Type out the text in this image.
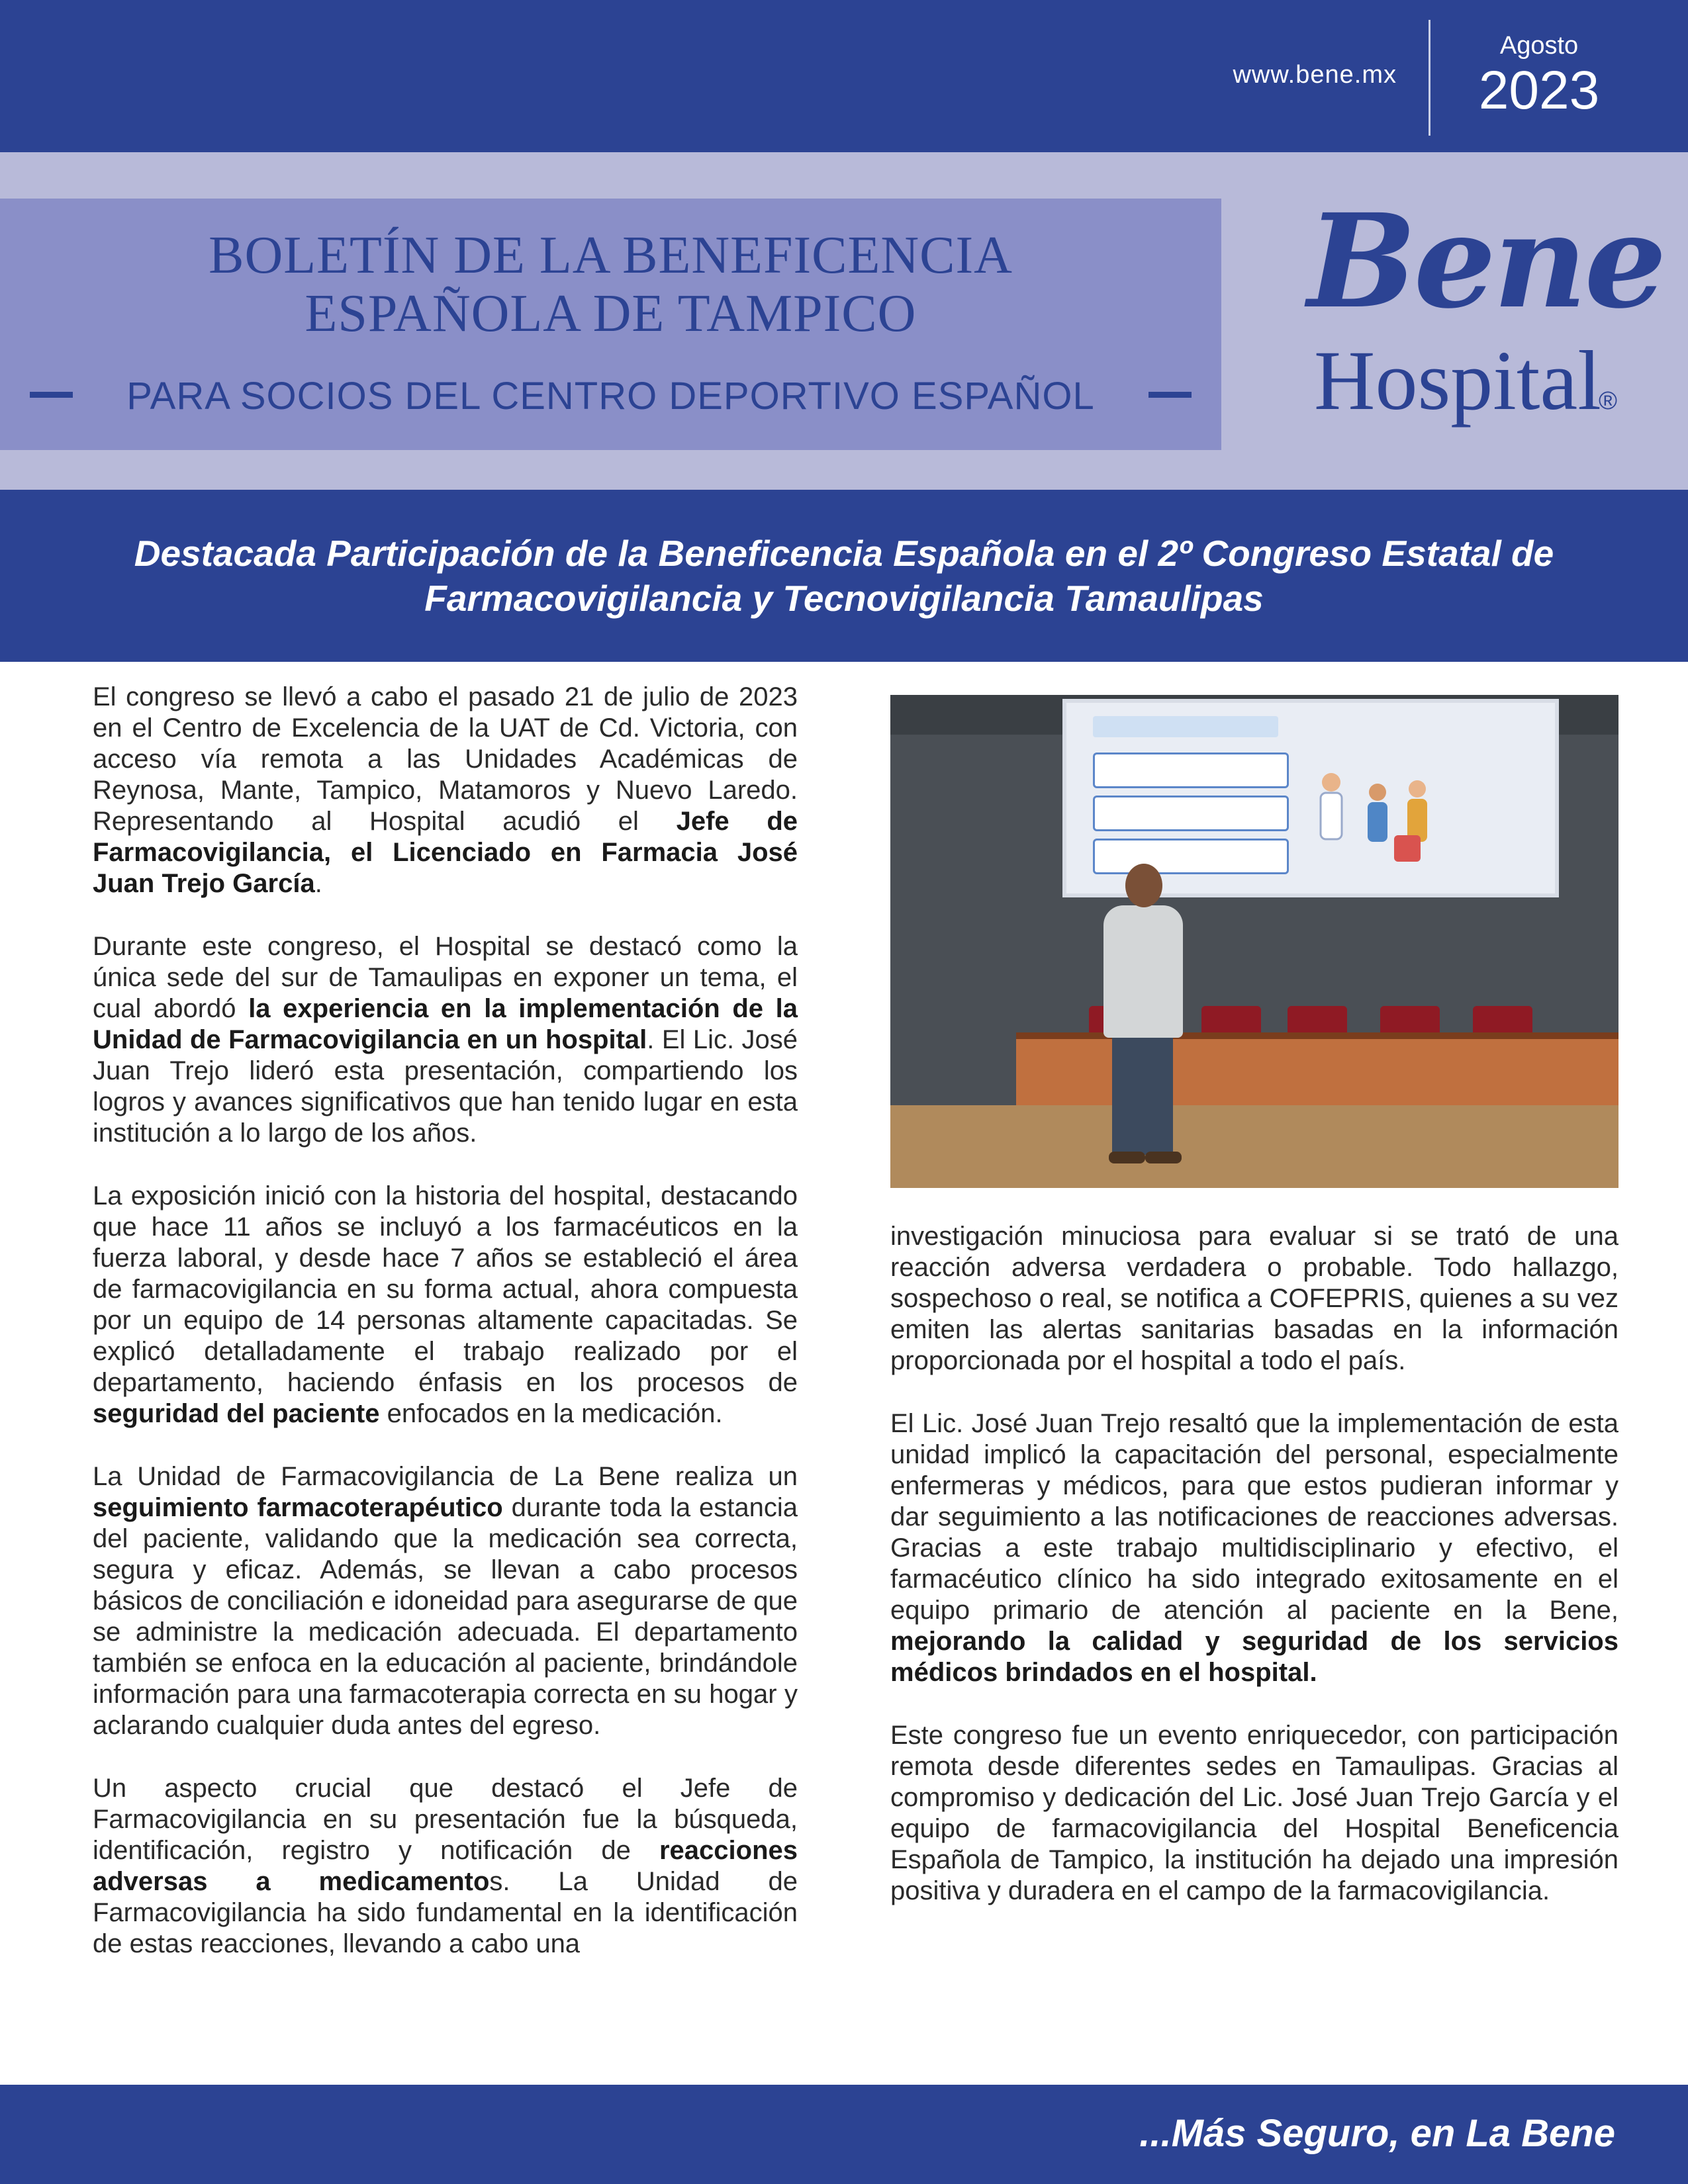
www.bene.mx
Agosto
2023
BOLETÍN DE LA BENEFICENCIA
ESPAÑOLA DE TAMPICO
PARA SOCIOS DEL CENTRO DEPORTIVO ESPAÑOL
Bene
Hospital
®
Destacada Participación de la Beneficencia Española en el 2º Congreso Estatal de
Farmacovigilancia y Tecnovigilancia Tamaulipas

El congreso se llevó a cabo el pasado 21 de julio de 2023 en el Centro de Excelencia de la UAT de Cd. Victoria, con acceso vía remota a las Unidades Académicas de Reynosa, Mante, Tampico, Matamoros y Nuevo Laredo. Representando al Hospital acudió el Jefe de Farmacovigilancia, el Licenciado en Farmacia José Juan Trejo García.

Durante este congreso, el Hospital se destacó como la única sede del sur de Tamaulipas en exponer un tema, el cual abordó la experiencia en la implementación de la Unidad de Farmacovigilancia en un hospital. El Lic. José Juan Trejo lideró esta presentación, compartiendo los logros y avances significativos que han tenido lugar en esta institución a lo largo de los años.

La exposición inició con la historia del hospital, destacando que hace 11 años se incluyó a los farmacéuticos en la fuerza laboral, y desde hace 7 años se estableció el área de farmacovigilancia en su forma actual, ahora compuesta por un equipo de 14 personas altamente capacitadas. Se explicó detalladamente el trabajo realizado por el departamento, haciendo énfasis en los procesos de seguridad del paciente enfocados en la medicación.

La Unidad de Farmacovigilancia de La Bene realiza un seguimiento farmacoterapéutico durante toda la estancia del paciente, validando que la medicación sea correcta, segura y eficaz. Además, se llevan a cabo procesos básicos de conciliación e idoneidad para asegurarse de que se administre la medicación adecuada. El departamento también se enfoca en la educación al paciente, brindándole información para una farmacoterapia correcta en su hogar y aclarando cualquier duda antes del egreso.

Un aspecto crucial que destacó el Jefe de Farmacovigilancia en su presentación fue la búsqueda, identificación, registro y notificación de reacciones adversas a medicamentos. La Unidad de Farmacovigilancia ha sido fundamental en la identificación de estas reacciones, llevando a cabo una

investigación minuciosa para evaluar si se trató de una reacción adversa verdadera o probable. Todo hallazgo, sospechoso o real, se notifica a COFEPRIS, quienes a su vez emiten las alertas sanitarias basadas en la información proporcionada por el hospital a todo el país.

El Lic. José Juan Trejo resaltó que la implementación de esta unidad implicó la capacitación del personal, especialmente enfermeras y médicos, para que estos pudieran informar y dar seguimiento a las notificaciones de reacciones adversas. Gracias a este trabajo multidisciplinario y efectivo, el farmacéutico clínico ha sido integrado exitosamente en el equipo primario de atención al paciente en la Bene, mejorando la calidad y seguridad de los servicios médicos brindados en el hospital.

Este congreso fue un evento enriquecedor, con participación remota desde diferentes sedes en Tamaulipas. Gracias al compromiso y dedicación del Lic. José Juan Trejo García y el equipo de farmacovigilancia del Hospital Beneficencia Española de Tampico, la institución ha dejado una impresión positiva y duradera en el campo de la farmacovigilancia.

...Más Seguro, en La Bene
